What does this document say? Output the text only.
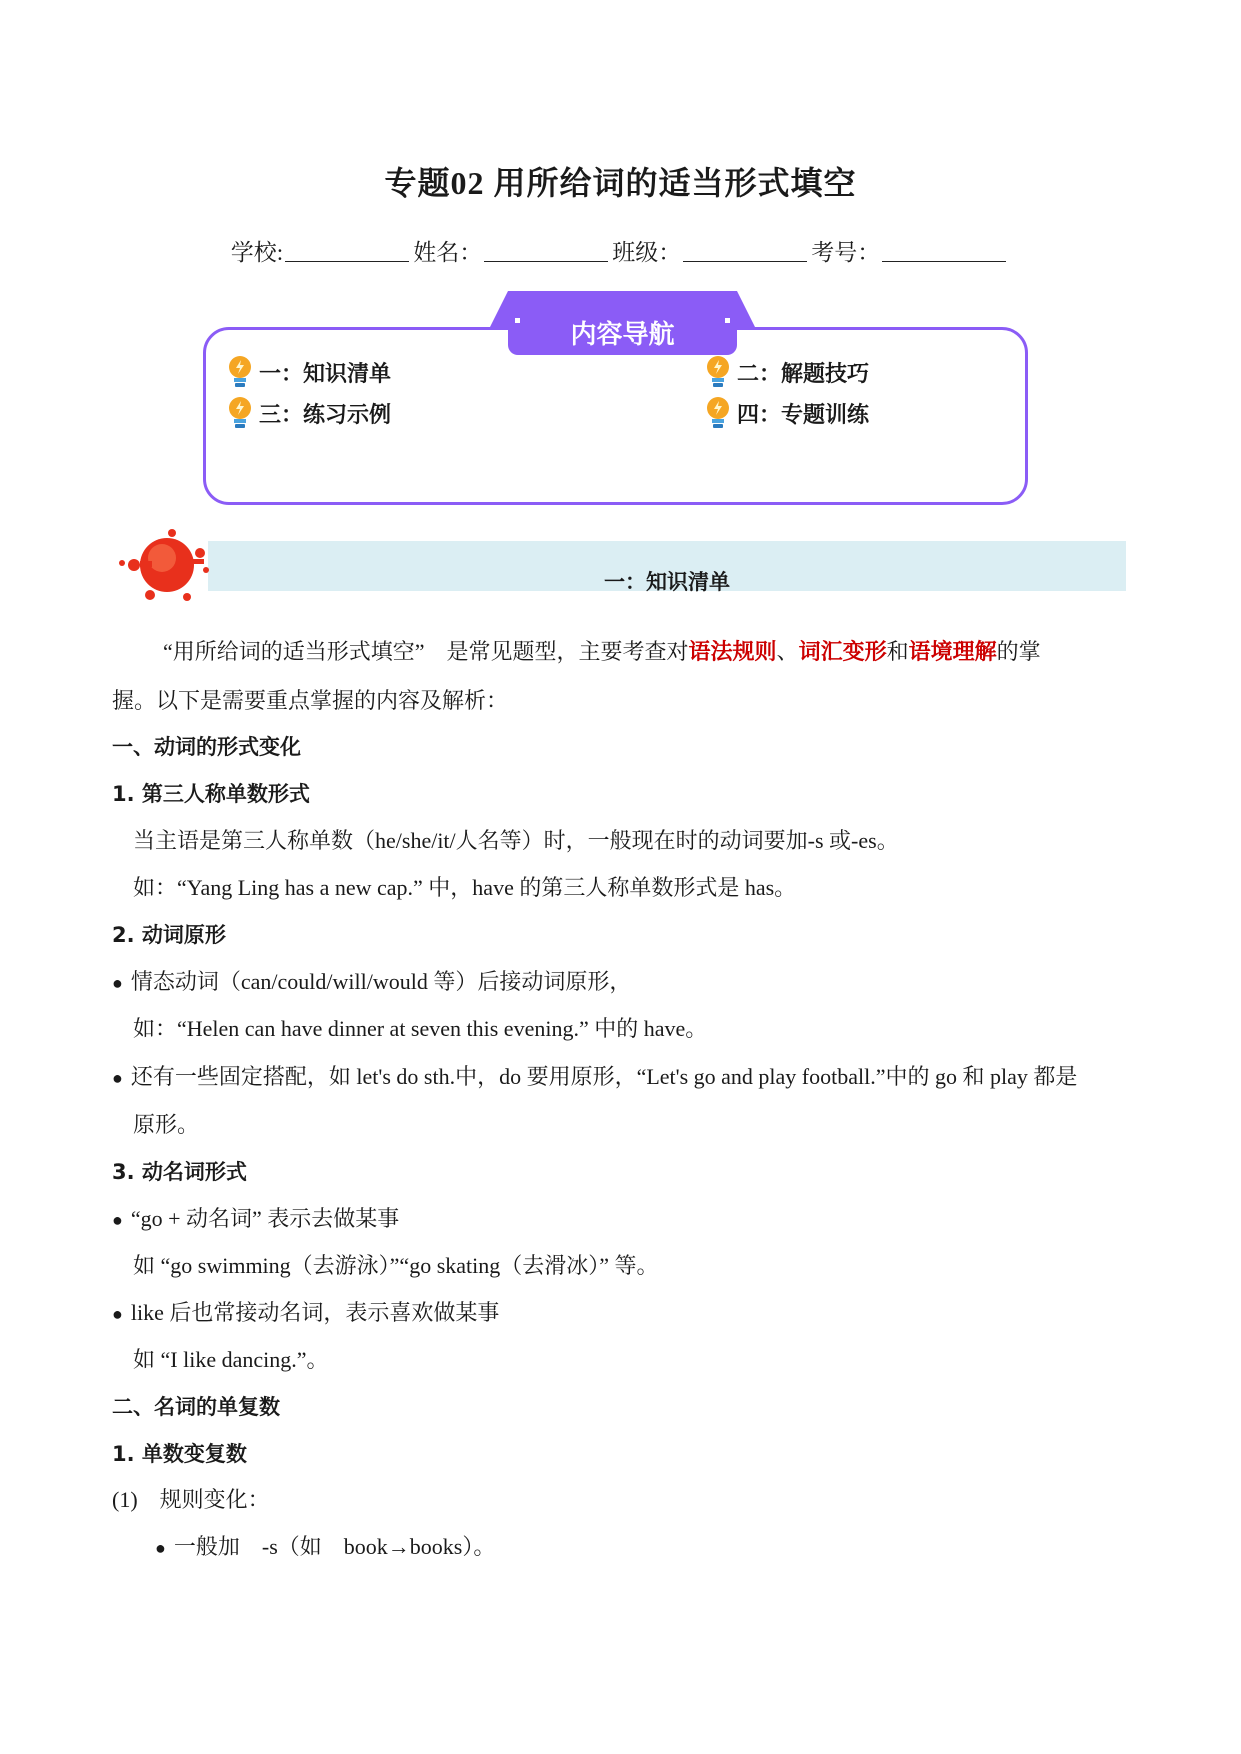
专题02 用所给词的适当形式填空
学校:	姓名：	班级：	考号：
内容导航
一：知识清单	二：解题技巧
三：练习示例	四：专题训练
一：知识清单
“用所给词的适当形式填空”　是常见题型，主要考查对语法规则、词汇变形和语境理解的掌
握。以下是需要重点掌握的内容及解析：
一、动词的形式变化
1. 第三人称单数形式
当主语是第三人称单数（he/she/it/人名等）时，一般现在时的动词要加-s 或-es。
如：“Yang Ling has a new cap.” 中，have 的第三人称单数形式是 has。
2. 动词原形
● 情态动词（can/could/will/would 等）后接动词原形，
如：“Helen can have dinner at seven this evening.” 中的 have。
● 还有一些固定搭配，如 let's do sth.中，do 要用原形，“Let's go and play football.”中的 go 和 play 都是
原形。
3. 动名词形式
● “go + 动名词” 表示去做某事
如 “go swimming（去游泳）”“go skating（去滑冰）” 等。
● like 后也常接动名词，表示喜欢做某事
如 “I like dancing.”。
二、名词的单复数
1. 单数变复数
(1)　规则变化：
● 一般加　-s（如　book→books）。
